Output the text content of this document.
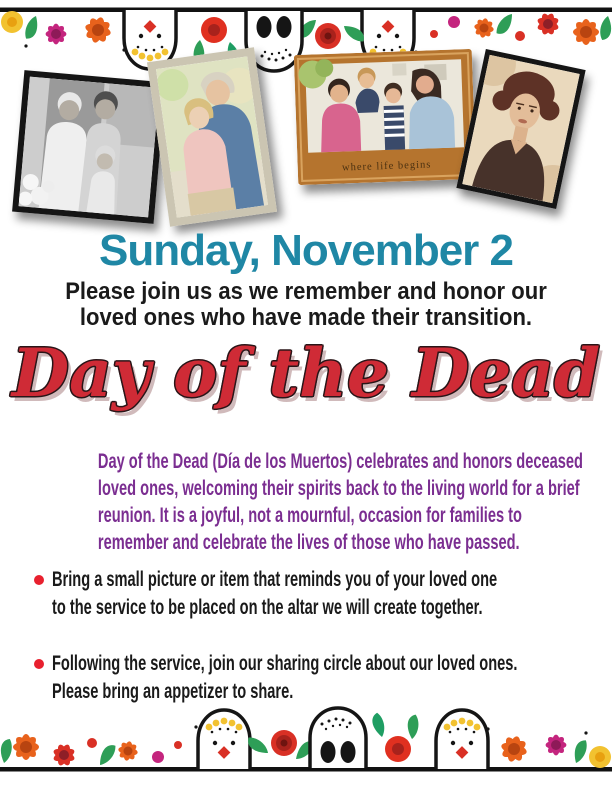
where life begins
Sunday, November 2
Please join us as we remember and honor our
loved ones who have made their transition.
Day of the Dead
Day of the Dead (Día de los Muertos) celebrates and honors deceased
loved ones, welcoming their spirits back to the living world for a brief
reunion. It is a joyful, not a mournful, occasion for families to
remember and celebrate the lives of those who have passed.
Bring a small picture or item that reminds you of your loved one
to the service to be placed on the altar we will create together.
Following the service, join our sharing circle about our loved ones.
Please bring an appetizer to share.
